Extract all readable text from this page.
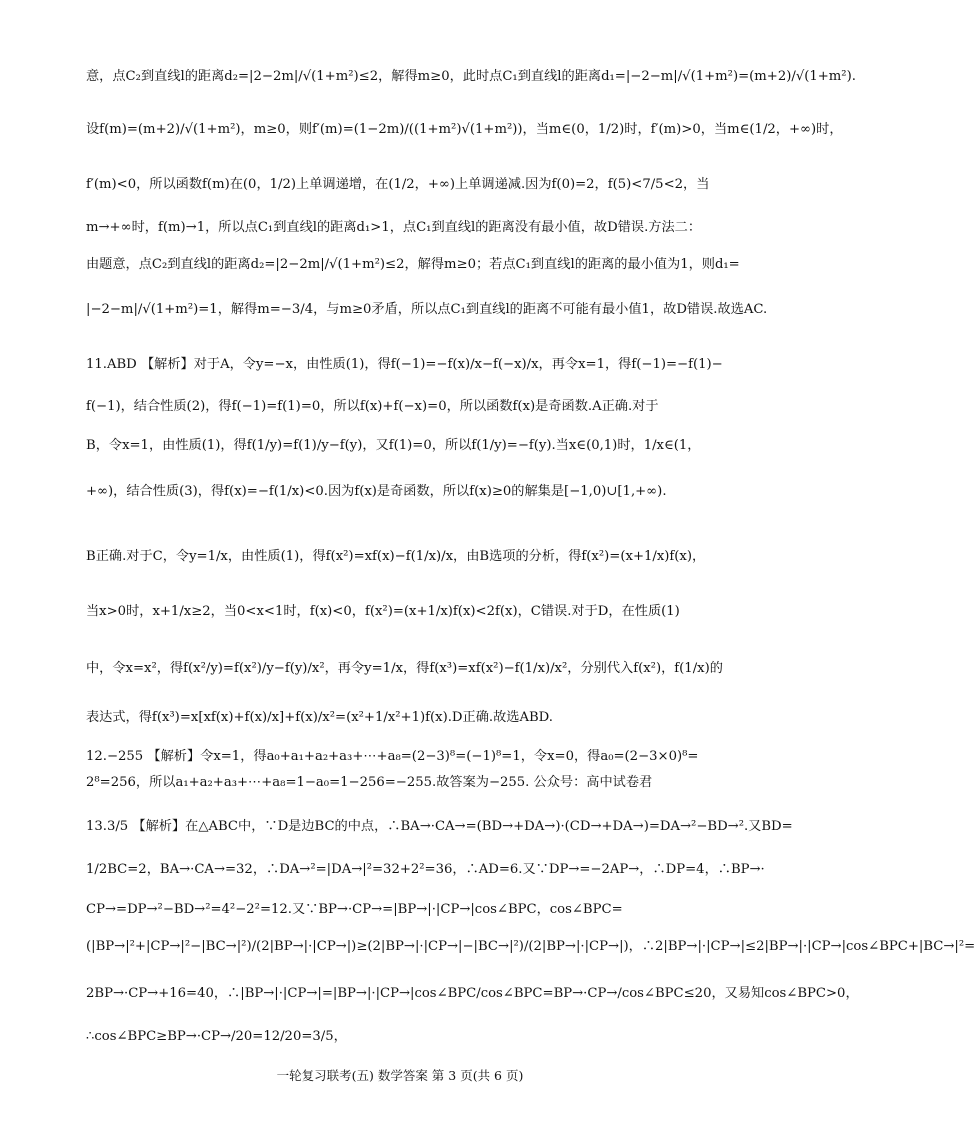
意，点C₂到直线l的距离d₂=|2−2m|/√(1+m²)≤2，解得m≥0，此时点C₁到直线l的距离d₁=|−2−m|/√(1+m²)=(m+2)/√(1+m²).
设f(m)=(m+2)/√(1+m²)，m≥0，则f′(m)=(1−2m)/((1+m²)√(1+m²))，当m∈(0，1/2)时，f′(m)>0，当m∈(1/2，+∞)时，
f′(m)<0，所以函数f(m)在(0，1/2)上单调递增，在(1/2，+∞)上单调递减.因为f(0)=2，f(5)<7/5<2，当
m→+∞时，f(m)→1，所以点C₁到直线l的距离d₁>1，点C₁到直线l的距离没有最小值，故D错误.方法二：
由题意，点C₂到直线l的距离d₂=|2−2m|/√(1+m²)≤2，解得m≥0；若点C₁到直线l的距离的最小值为1，则d₁=
|−2−m|/√(1+m²)=1，解得m=−3/4，与m≥0矛盾，所以点C₁到直线l的距离不可能有最小值1，故D错误.故选AC.
11.ABD 【解析】对于A，令y=−x，由性质(1)，得f(−1)=−f(x)/x−f(−x)/x，再令x=1，得f(−1)=−f(1)−
f(−1)，结合性质(2)，得f(−1)=f(1)=0，所以f(x)+f(−x)=0，所以函数f(x)是奇函数.A正确.对于
B，令x=1，由性质(1)，得f(1/y)=f(1)/y−f(y)，又f(1)=0，所以f(1/y)=−f(y).当x∈(0,1)时，1/x∈(1，
+∞)，结合性质(3)，得f(x)=−f(1/x)<0.因为f(x)是奇函数，所以f(x)≥0的解集是[−1,0)∪[1,+∞).
B正确.对于C，令y=1/x，由性质(1)，得f(x²)=xf(x)−f(1/x)/x，由B选项的分析，得f(x²)=(x+1/x)f(x)，
当x>0时，x+1/x≥2，当0<x<1时，f(x)<0，f(x²)=(x+1/x)f(x)<2f(x)，C错误.对于D，在性质(1)
中，令x=x²，得f(x²/y)=f(x²)/y−f(y)/x²，再令y=1/x，得f(x³)=xf(x²)−f(1/x)/x²，分别代入f(x²)，f(1/x)的
表达式，得f(x³)=x[xf(x)+f(x)/x]+f(x)/x²=(x²+1/x²+1)f(x).D正确.故选ABD.
12.−255 【解析】令x=1，得a₀+a₁+a₂+a₃+⋯+a₈=(2−3)⁸=(−1)⁸=1，令x=0，得a₀=(2−3×0)⁸=
2⁸=256，所以a₁+a₂+a₃+⋯+a₈=1−a₀=1−256=−255.故答案为−255. 公众号：高中试卷君
13.3/5 【解析】在△ABC中，∵D是边BC的中点，∴BA→·CA→=(BD→+DA→)·(CD→+DA→)=DA→²−BD→².又BD=
1/2BC=2，BA→·CA→=32，∴DA→²=|DA→|²=32+2²=36，∴AD=6.又∵DP→=−2AP→，∴DP=4，∴BP→·
CP→=DP→²−BD→²=4²−2²=12.又∵BP→·CP→=|BP→|·|CP→|cos∠BPC，cos∠BPC=
(|BP→|²+|CP→|²−|BC→|²)/(2|BP→|·|CP→|)≥(2|BP→|·|CP→|−|BC→|²)/(2|BP→|·|CP→|)，∴2|BP→|·|CP→|≤2|BP→|·|CP→|cos∠BPC+|BC→|²=
2BP→·CP→+16=40，∴|BP→|·|CP→|=|BP→|·|CP→|cos∠BPC/cos∠BPC=BP→·CP→/cos∠BPC≤20，又易知cos∠BPC>0，
∴cos∠BPC≥BP→·CP→/20=12/20=3/5，
一轮复习联考(五) 数学答案 第 3 页(共 6 页)
